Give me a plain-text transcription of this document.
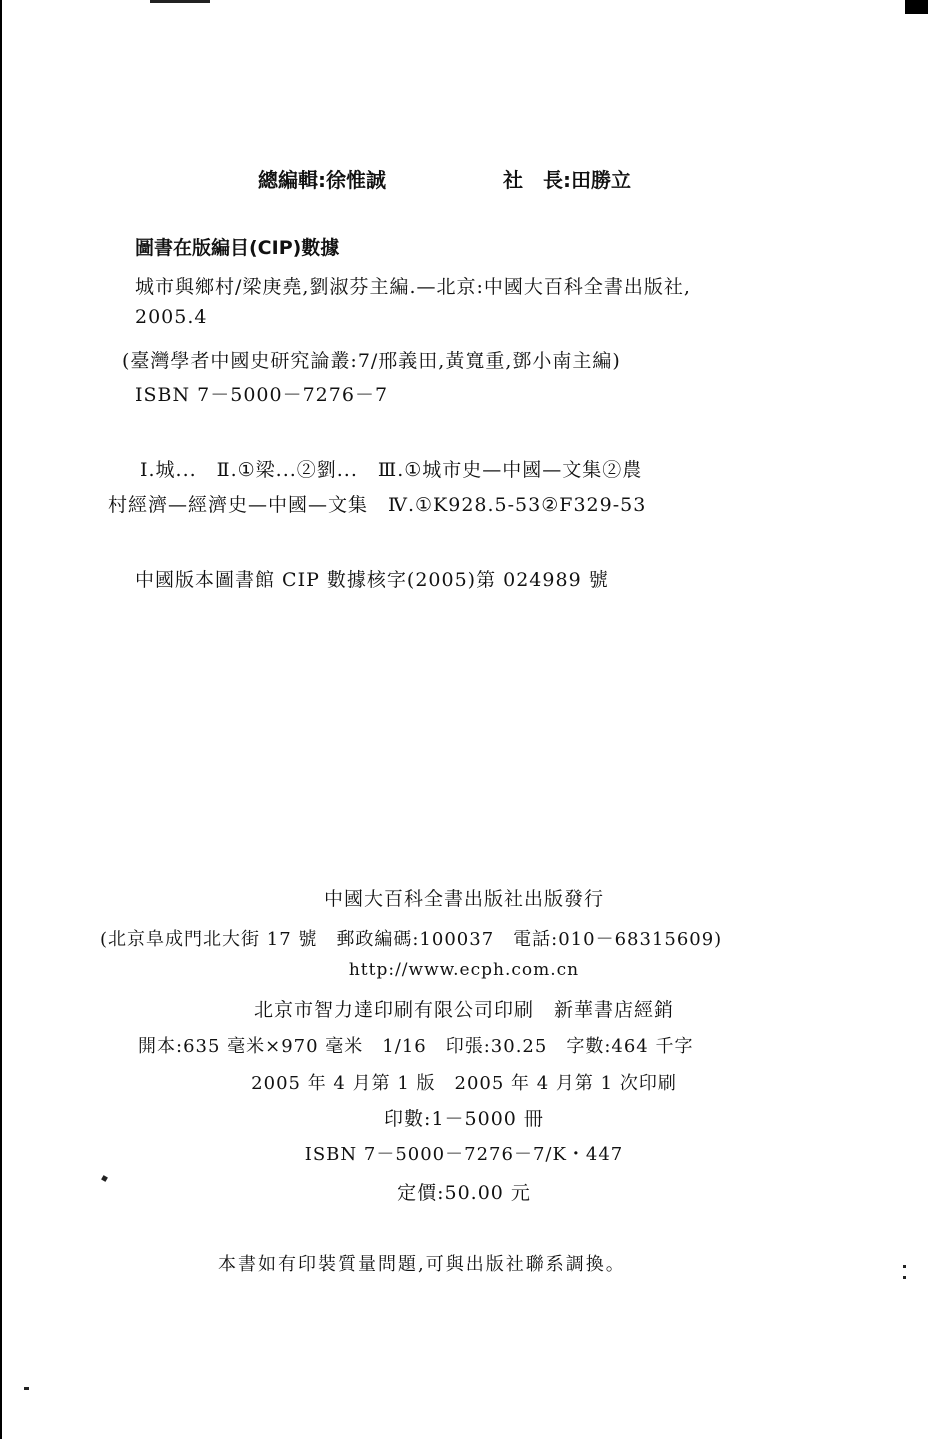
總編輯:徐惟誠	社　長:田勝立
圖書在版編目(CIP)數據
城市與鄉村/梁庚堯,劉淑芬主編.—北京:中國大百科全書出版社,
2005.4
(臺灣學者中國史研究論叢:7/邢義田,黃寬重,鄧小南主編)
ISBN 7－5000－7276－7
Ⅰ.城...　Ⅱ.①梁...②劉...　Ⅲ.①城市史—中國—文集②農
村經濟—經濟史—中國—文集　Ⅳ.①K928.5-53②F329-53
中國版本圖書館 CIP 數據核字(2005)第 024989 號
中國大百科全書出版社出版發行
(北京阜成門北大街 17 號　郵政編碼:100037　電話:010－68315609)
http://www.ecph.com.cn
北京市智力達印刷有限公司印刷　新華書店經銷
開本:635 毫米×970 毫米　1/16　印張:30.25　字數:464 千字
2005 年 4 月第 1 版　2005 年 4 月第 1 次印刷
印數:1－5000 冊
ISBN 7－5000－7276－7/K・447
定價:50.00 元
本書如有印裝質量問題,可與出版社聯系調換。
